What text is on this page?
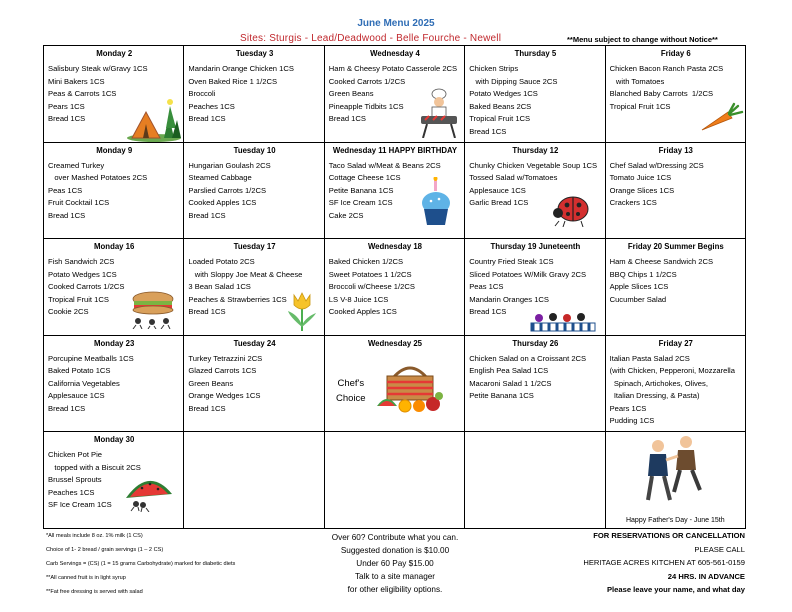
June Menu 2025
Sites: Sturgis - Lead/Deadwood - Belle Fourche - Newell	**Menu subject to change without Notice**
Monday 2
Salisbury Steak w/Gravy 1CS
Mini Bakers 1CS
Peas & Carrots 1CS
Pears 1CS
Bread 1CS
Tuesday 3
Mandarin Orange Chicken 1CS
Oven Baked Rice 1 1/2CS
Broccoli
Peaches 1CS
Bread 1CS
Wednesday 4
Ham & Cheesy Potato Casserole 2CS
Cooked Carrots 1/2CS
Green Beans
Pineapple Tidbits 1CS
Bread 1CS
Thursday 5
Chicken Strips
with Dipping Sauce 2CS
Potato Wedges 1CS
Baked Beans 2CS
Tropical Fruit 1CS
Bread 1CS
Friday 6
Chicken Bacon Ranch Pasta 2CS
with Tomatoes
Blanched Baby Carrots  1/2CS
Tropical Fruit 1CS
Monday 9
Creamed Turkey
over Mashed Potatoes 2CS
Peas 1CS
Fruit Cocktail 1CS
Bread 1CS
Tuesday 10
Hungarian Goulash 2CS
Steamed Cabbage
Parslied Carrots 1/2CS
Cooked Apples 1CS
Bread 1CS
Wednesday 11 HAPPY BIRTHDAY
Taco Salad w/Meat & Beans 2CS
Cottage Cheese 1CS
Petite Banana 1CS
SF Ice Cream 1CS
Cake 2CS
Thursday 12
Chunky Chicken Vegetable Soup 1CS
Tossed Salad w/Tomatoes
Applesauce 1CS
Garlic Bread 1CS
Friday 13
Chef Salad w/Dressing 2CS
Tomato Juice 1CS
Orange Slices 1CS
Crackers 1CS
Monday 16
Fish Sandwich 2CS
Potato Wedges 1CS
Cooked Carrots 1/2CS
Tropical Fruit 1CS
Cookie 2CS
Tuesday 17
Loaded Potato 2CS
with Sloppy Joe Meat & Cheese
3 Bean Salad 1CS
Peaches & Strawberries 1CS
Bread 1CS
Wednesday 18
Baked Chicken 1/2CS
Sweet Potatoes 1 1/2CS
Broccoli w/Cheese 1/2CS
LS V-8 Juice 1CS
Cooked Apples 1CS
Thursday 19 Juneteenth
Country Fried Steak 1CS
Sliced Potatoes W/Milk Gravy 2CS
Peas 1CS
Mandarin Oranges 1CS
Bread 1CS
Friday 20 Summer Begins
Ham & Cheese Sandwich 2CS
BBQ Chips 1 1/2CS
Apple Slices 1CS
Cucumber Salad
Monday 23
Porcupine Meatballs 1CS
Baked Potato 1CS
California Vegetables
Applesauce 1CS
Bread 1CS
Tuesday 24
Turkey Tetrazzini 2CS
Glazed Carrots 1CS
Green Beans
Orange Wedges 1CS
Bread 1CS
Wednesday 25
Chef's Choice
Thursday 26
Chicken Salad on a Croissant 2CS
English Pea Salad 1CS
Macaroni Salad 1 1/2CS
Petite Banana 1CS
Friday 27
Italian Pasta Salad 2CS
(with Chicken, Pepperoni, Mozzarella
Spinach, Artichokes, Olives,
Italian Dressing, & Pasta)
Pears 1CS
Pudding 1CS
Monday 30
Chicken Pot Pie
topped with a Biscuit 2CS
Brussel Sprouts
Peaches 1CS
SF Ice Cream 1CS
Happy Father's Day - June 15th
*All meals include 8 oz. 1% milk (1 CS)
Choice of 1- 2 bread / grain servings (1 – 2 CS)
Carb Servings = (CS) (1 = 15 grams Carbohydrate) marked for diabetic diets
**All canned fruit is in light syrup
**Fat free dressing is served with salad
Over 60? Contribute what you can.
Suggested donation is $10.00
Under 60 Pay $15.00
Talk to a site manager
for other eligibility options.
FOR RESERVATIONS OR CANCELLATION
PLEASE CALL
HERITAGE ACRES KITCHEN AT 605-561-0159
24 HRS. IN ADVANCE
Please leave your name, and what day
